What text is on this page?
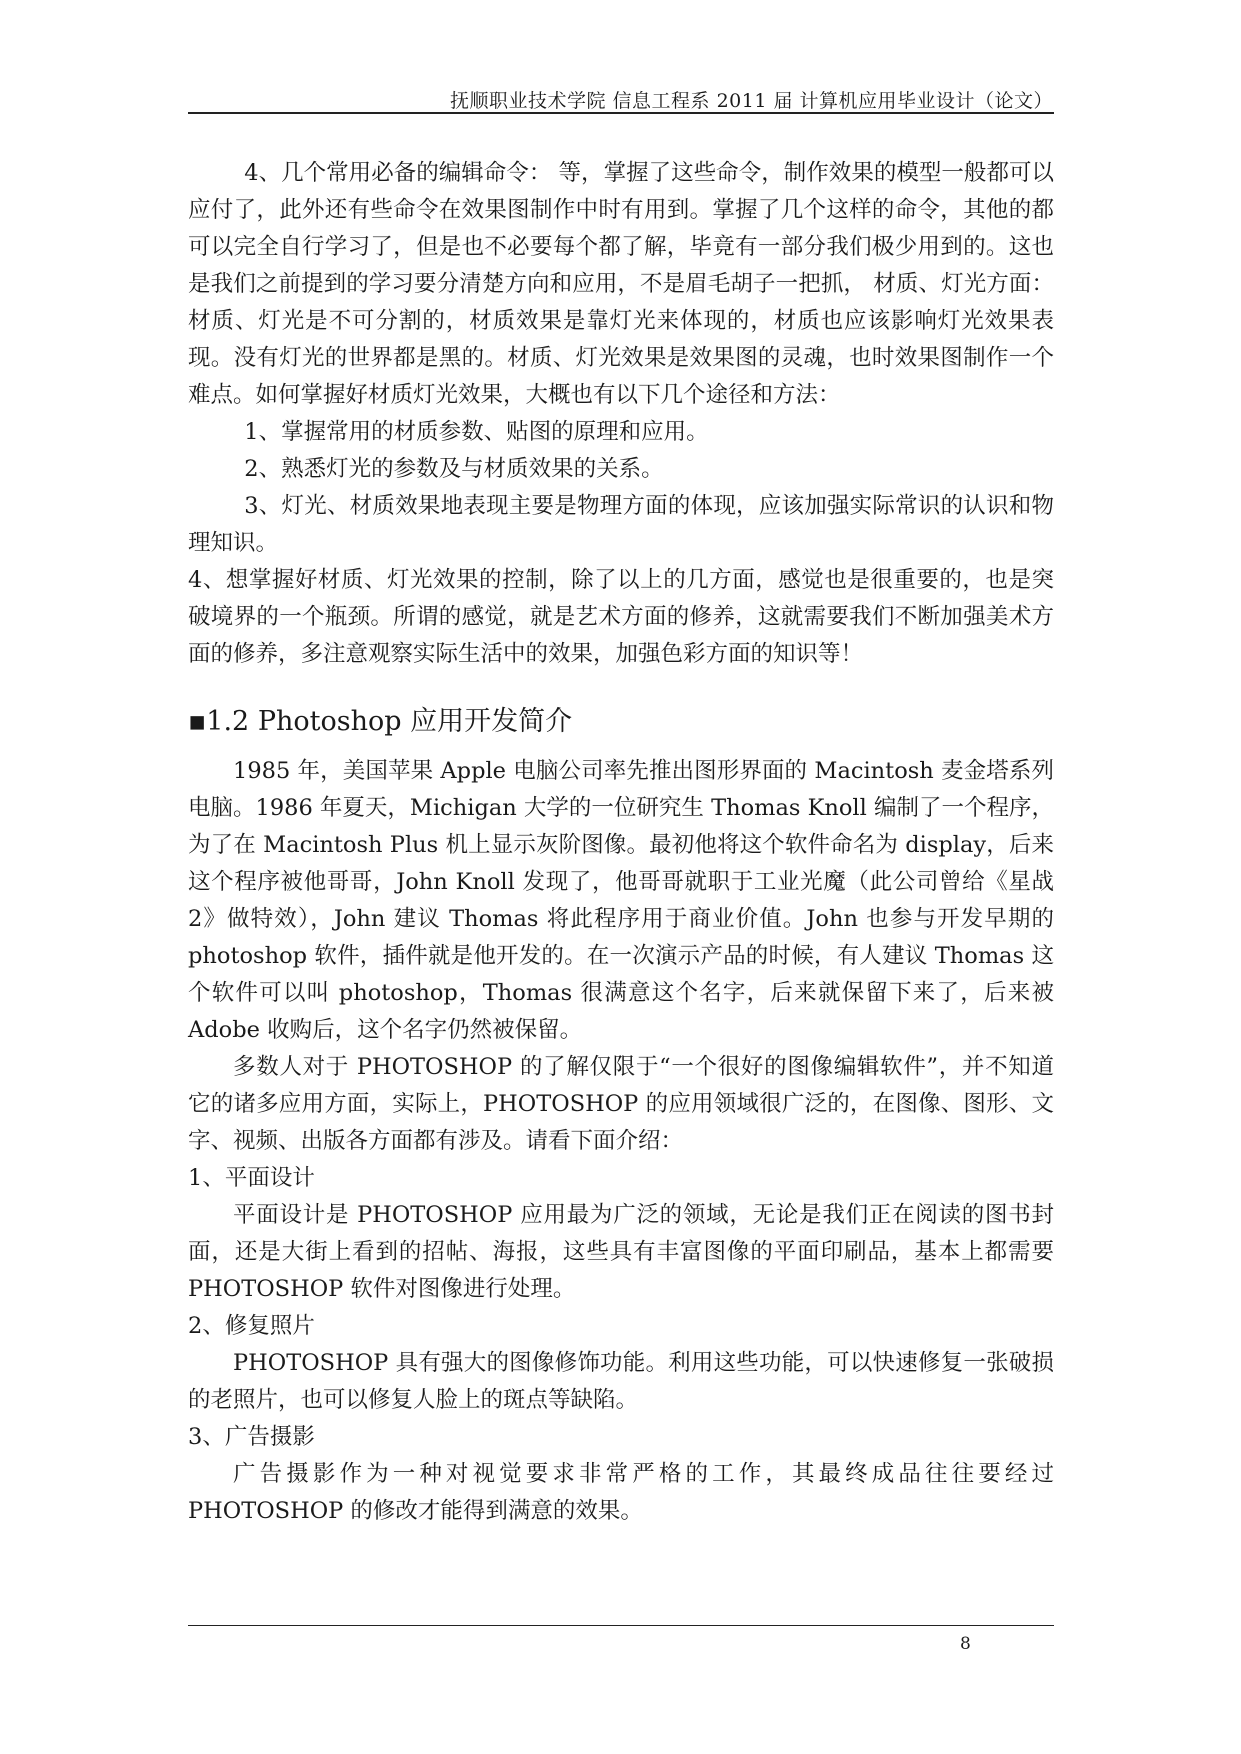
抚顺职业技术学院 信息工程系 2011 届 计算机应用毕业设计（论文）

4、几个常用必备的编辑命令： 等，掌握了这些命令，制作效果的模型一般都可以应付了，此外还有些命令在效果图制作中时有用到。掌握了几个这样的命令，其他的都可以完全自行学习了，但是也不必要每个都了解，毕竟有一部分我们极少用到的。这也是我们之前提到的学习要分清楚方向和应用，不是眉毛胡子一把抓， 材质、灯光方面：材质、灯光是不可分割的，材质效果是靠灯光来体现的，材质也应该影响灯光效果表现。没有灯光的世界都是黑的。材质、灯光效果是效果图的灵魂，也时效果图制作一个难点。如何掌握好材质灯光效果，大概也有以下几个途径和方法：

1、掌握常用的材质参数、贴图的原理和应用。

2、熟悉灯光的参数及与材质效果的关系。

3、灯光、材质效果地表现主要是物理方面的体现，应该加强实际常识的认识和物理知识。

4、想掌握好材质、灯光效果的控制，除了以上的几方面，感觉也是很重要的，也是突破境界的一个瓶颈。所谓的感觉，就是艺术方面的修养，这就需要我们不断加强美术方面的修养，多注意观察实际生活中的效果，加强色彩方面的知识等！

▪1.2 Photoshop 应用开发简介

1985 年，美国苹果 Apple 电脑公司率先推出图形界面的 Macintosh 麦金塔系列电脑。1986 年夏天，Michigan 大学的一位研究生 Thomas Knoll 编制了一个程序，为了在 Macintosh Plus 机上显示灰阶图像。最初他将这个软件命名为 display，后来这个程序被他哥哥，John Knoll 发现了，他哥哥就职于工业光魔（此公司曾给《星战 2》做特效），John 建议 Thomas 将此程序用于商业价值。John 也参与开发早期的 photoshop 软件，插件就是他开发的。在一次演示产品的时候，有人建议 Thomas 这个软件可以叫 photoshop，Thomas 很满意这个名字，后来就保留下来了，后来被 Adobe 收购后，这个名字仍然被保留。

多数人对于 PHOTOSHOP 的了解仅限于“一个很好的图像编辑软件”，并不知道它的诸多应用方面，实际上，PHOTOSHOP 的应用领域很广泛的，在图像、图形、文字、视频、出版各方面都有涉及。请看下面介绍：

1、平面设计

平面设计是 PHOTOSHOP 应用最为广泛的领域，无论是我们正在阅读的图书封面，还是大街上看到的招帖、海报，这些具有丰富图像的平面印刷品，基本上都需要 PHOTOSHOP 软件对图像进行处理。

2、修复照片

PHOTOSHOP 具有强大的图像修饰功能。利用这些功能，可以快速修复一张破损的老照片，也可以修复人脸上的斑点等缺陷。

3、广告摄影

广告摄影作为一种对视觉要求非常严格的工作，其最终成品往往要经过 PHOTOSHOP 的修改才能得到满意的效果。

8
